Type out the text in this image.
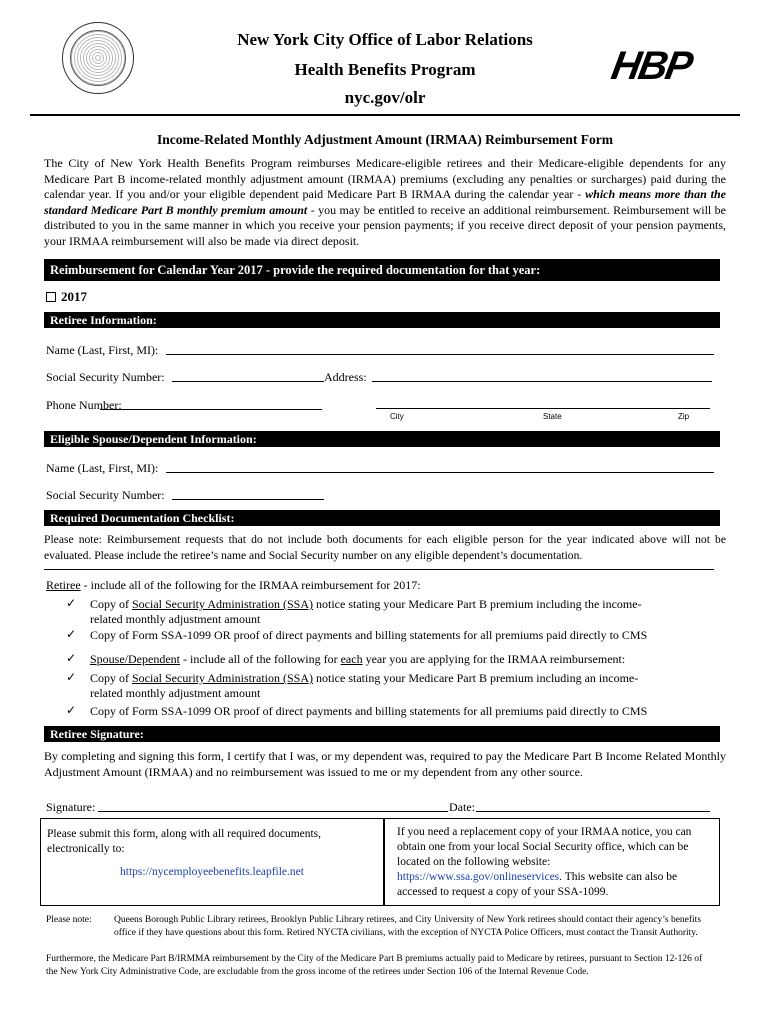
New York City Office of Labor Relations
Health Benefits Program
nyc.gov/olr
HBP
Income-Related Monthly Adjustment Amount (IRMAA) Reimbursement Form
The City of New York Health Benefits Program reimburses Medicare-eligible retirees and their Medicare-eligible dependents for any Medicare Part B income-related monthly adjustment amount (IRMAA) premiums (excluding any penalties or surcharges) paid during the calendar year. If you and/or your eligible dependent paid Medicare Part B IRMAA during the calendar year - which means more than the standard Medicare Part B monthly premium amount - you may be entitled to receive an additional reimbursement. Reimbursement will be distributed to you in the same manner in which you receive your pension payments; if you receive direct deposit of your pension payments, your IRMAA reimbursement will also be made via direct deposit.
Reimbursement for Calendar Year 2017 - provide the required documentation for that year:
2017
Retiree Information:
Name (Last, First, MI):
Social Security Number:	Address:
Phone Number:
City	State	Zip
Eligible Spouse/Dependent Information:
Name (Last, First, MI):
Social Security Number:
Required Documentation Checklist:
Please note: Reimbursement requests that do not include both documents for each eligible person for the year indicated above will not be evaluated. Please include the retiree’s name and Social Security number on any eligible dependent’s documentation.
Retiree - include all of the following for the IRMAA reimbursement for 2017:
✓ Copy of Social Security Administration (SSA) notice stating your Medicare Part B premium including the income-
related monthly adjustment amount
✓ Copy of Form SSA-1099 OR proof of direct payments and billing statements for all premiums paid directly to CMS
✓ Spouse/Dependent - include all of the following for each year you are applying for the IRMAA reimbursement:
✓ Copy of Social Security Administration (SSA) notice stating your Medicare Part B premium including an income-
related monthly adjustment amount
✓ Copy of Form SSA-1099 OR proof of direct payments and billing statements for all premiums paid directly to CMS
Retiree Signature:
By completing and signing this form, I certify that I was, or my dependent was, required to pay the Medicare Part B Income Related Monthly Adjustment Amount (IRMAA) and no reimbursement was issued to me or my dependent from any other source.
Signature:	Date:
Please submit this form, along with all required documents, electronically to:
https://nycemployeebenefits.leapfile.net
If you need a replacement copy of your IRMAA notice, you can obtain one from your local Social Security office, which can be located on the following website: https://www.ssa.gov/onlineservices. This website can also be accessed to request a copy of your SSA-1099.
Please note: Queens Borough Public Library retirees, Brooklyn Public Library retirees, and City University of New York retirees should contact their agency’s benefits office if they have questions about this form. Retired NYCTA civilians, with the exception of NYCTA Police Officers, must contact the Transit Authority.
Furthermore, the Medicare Part B/IRMMA reimbursement by the City of the Medicare Part B premiums actually paid to Medicare by retirees, pursuant to Section 12-126 of the New York City Administrative Code, are excludable from the gross income of the retirees under Section 106 of the Internal Revenue Code.
